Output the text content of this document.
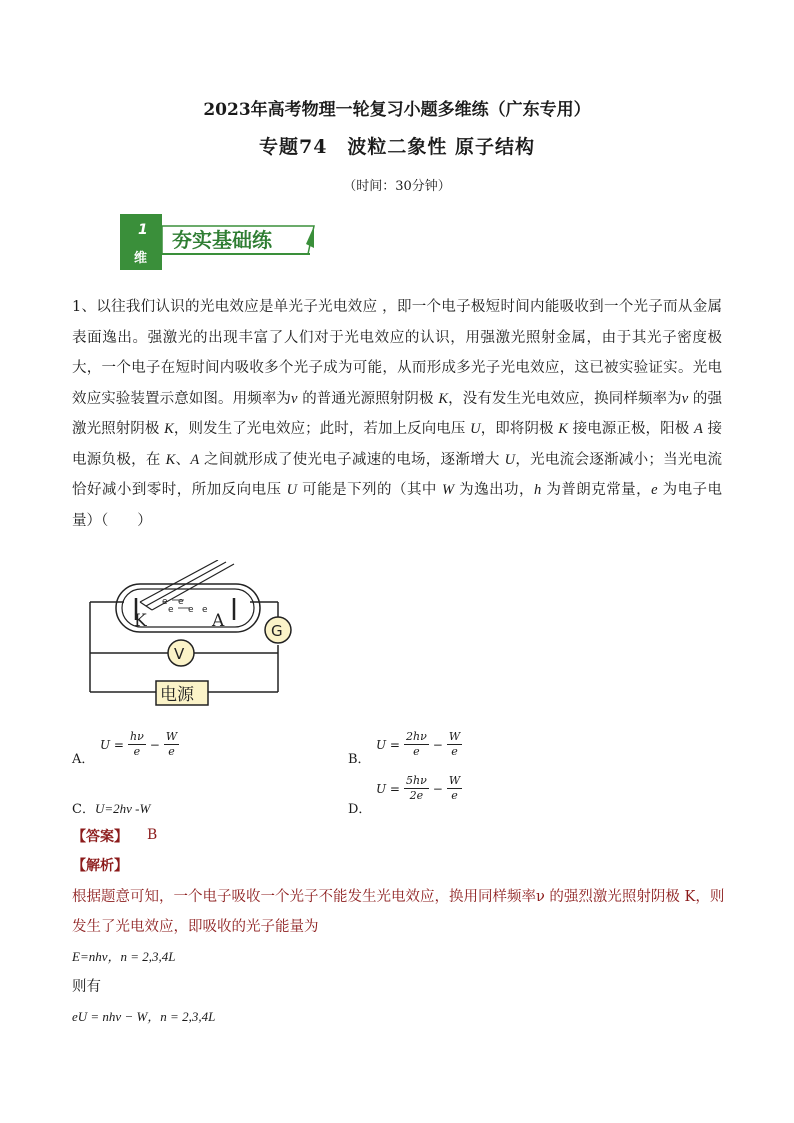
2023年高考物理一轮复习小题多维练（广东专用）
专题74　波粒二象性 原子结构
（时间：30分钟）
1
维
夯实基础练
1、以往我们认识的光电效应是单光子光电效应 ，即一个电子极短时间内能吸收到一个光子而从金属表面逸出。强激光的出现丰富了人们对于光电效应的认识，用强激光照射金属，由于其光子密度极大，一个电子在短时间内吸收多个光子成为可能，从而形成多光子光电效应，这已被实验证实。光电效应实验装置示意如图。用频率为ν 的普通光源照射阴极 K，没有发生光电效应，换同样频率为ν 的强激光照射阴极 K，则发生了光电效应；此时，若加上反向电压 U，即将阴极 K 接电源正极，阳极 A 接电源负极，在 K、A 之间就形成了使光电子减速的电场，逐渐增大 U，光电流会逐渐减小；当光电流恰好减小到零时，所加反向电压 U 可能是下列的（其中 W 为逸出功，h 为普朗克常量，e 为电子电量）（　　）
e e
e e e
K	A	G
V
电源
$U = \frac{h\nu}{e} - \frac{W}{e}$
A．
$U = \frac{2h\nu}{e} - \frac{W}{e}$
B．
C．U=2hν -W
$U = \frac{5h\nu}{2e} - \frac{W}{e}$
D．
【答案】 B
【解析】
根据题意可知，一个电子吸收一个光子不能发生光电效应，换用同样频率ν 的强烈激光照射阴极 K，则发生了光电效应，即吸收的光子能量为
E=nhν，n = 2,3,4L
则有
eU = nhν − W，n = 2,3,4L
